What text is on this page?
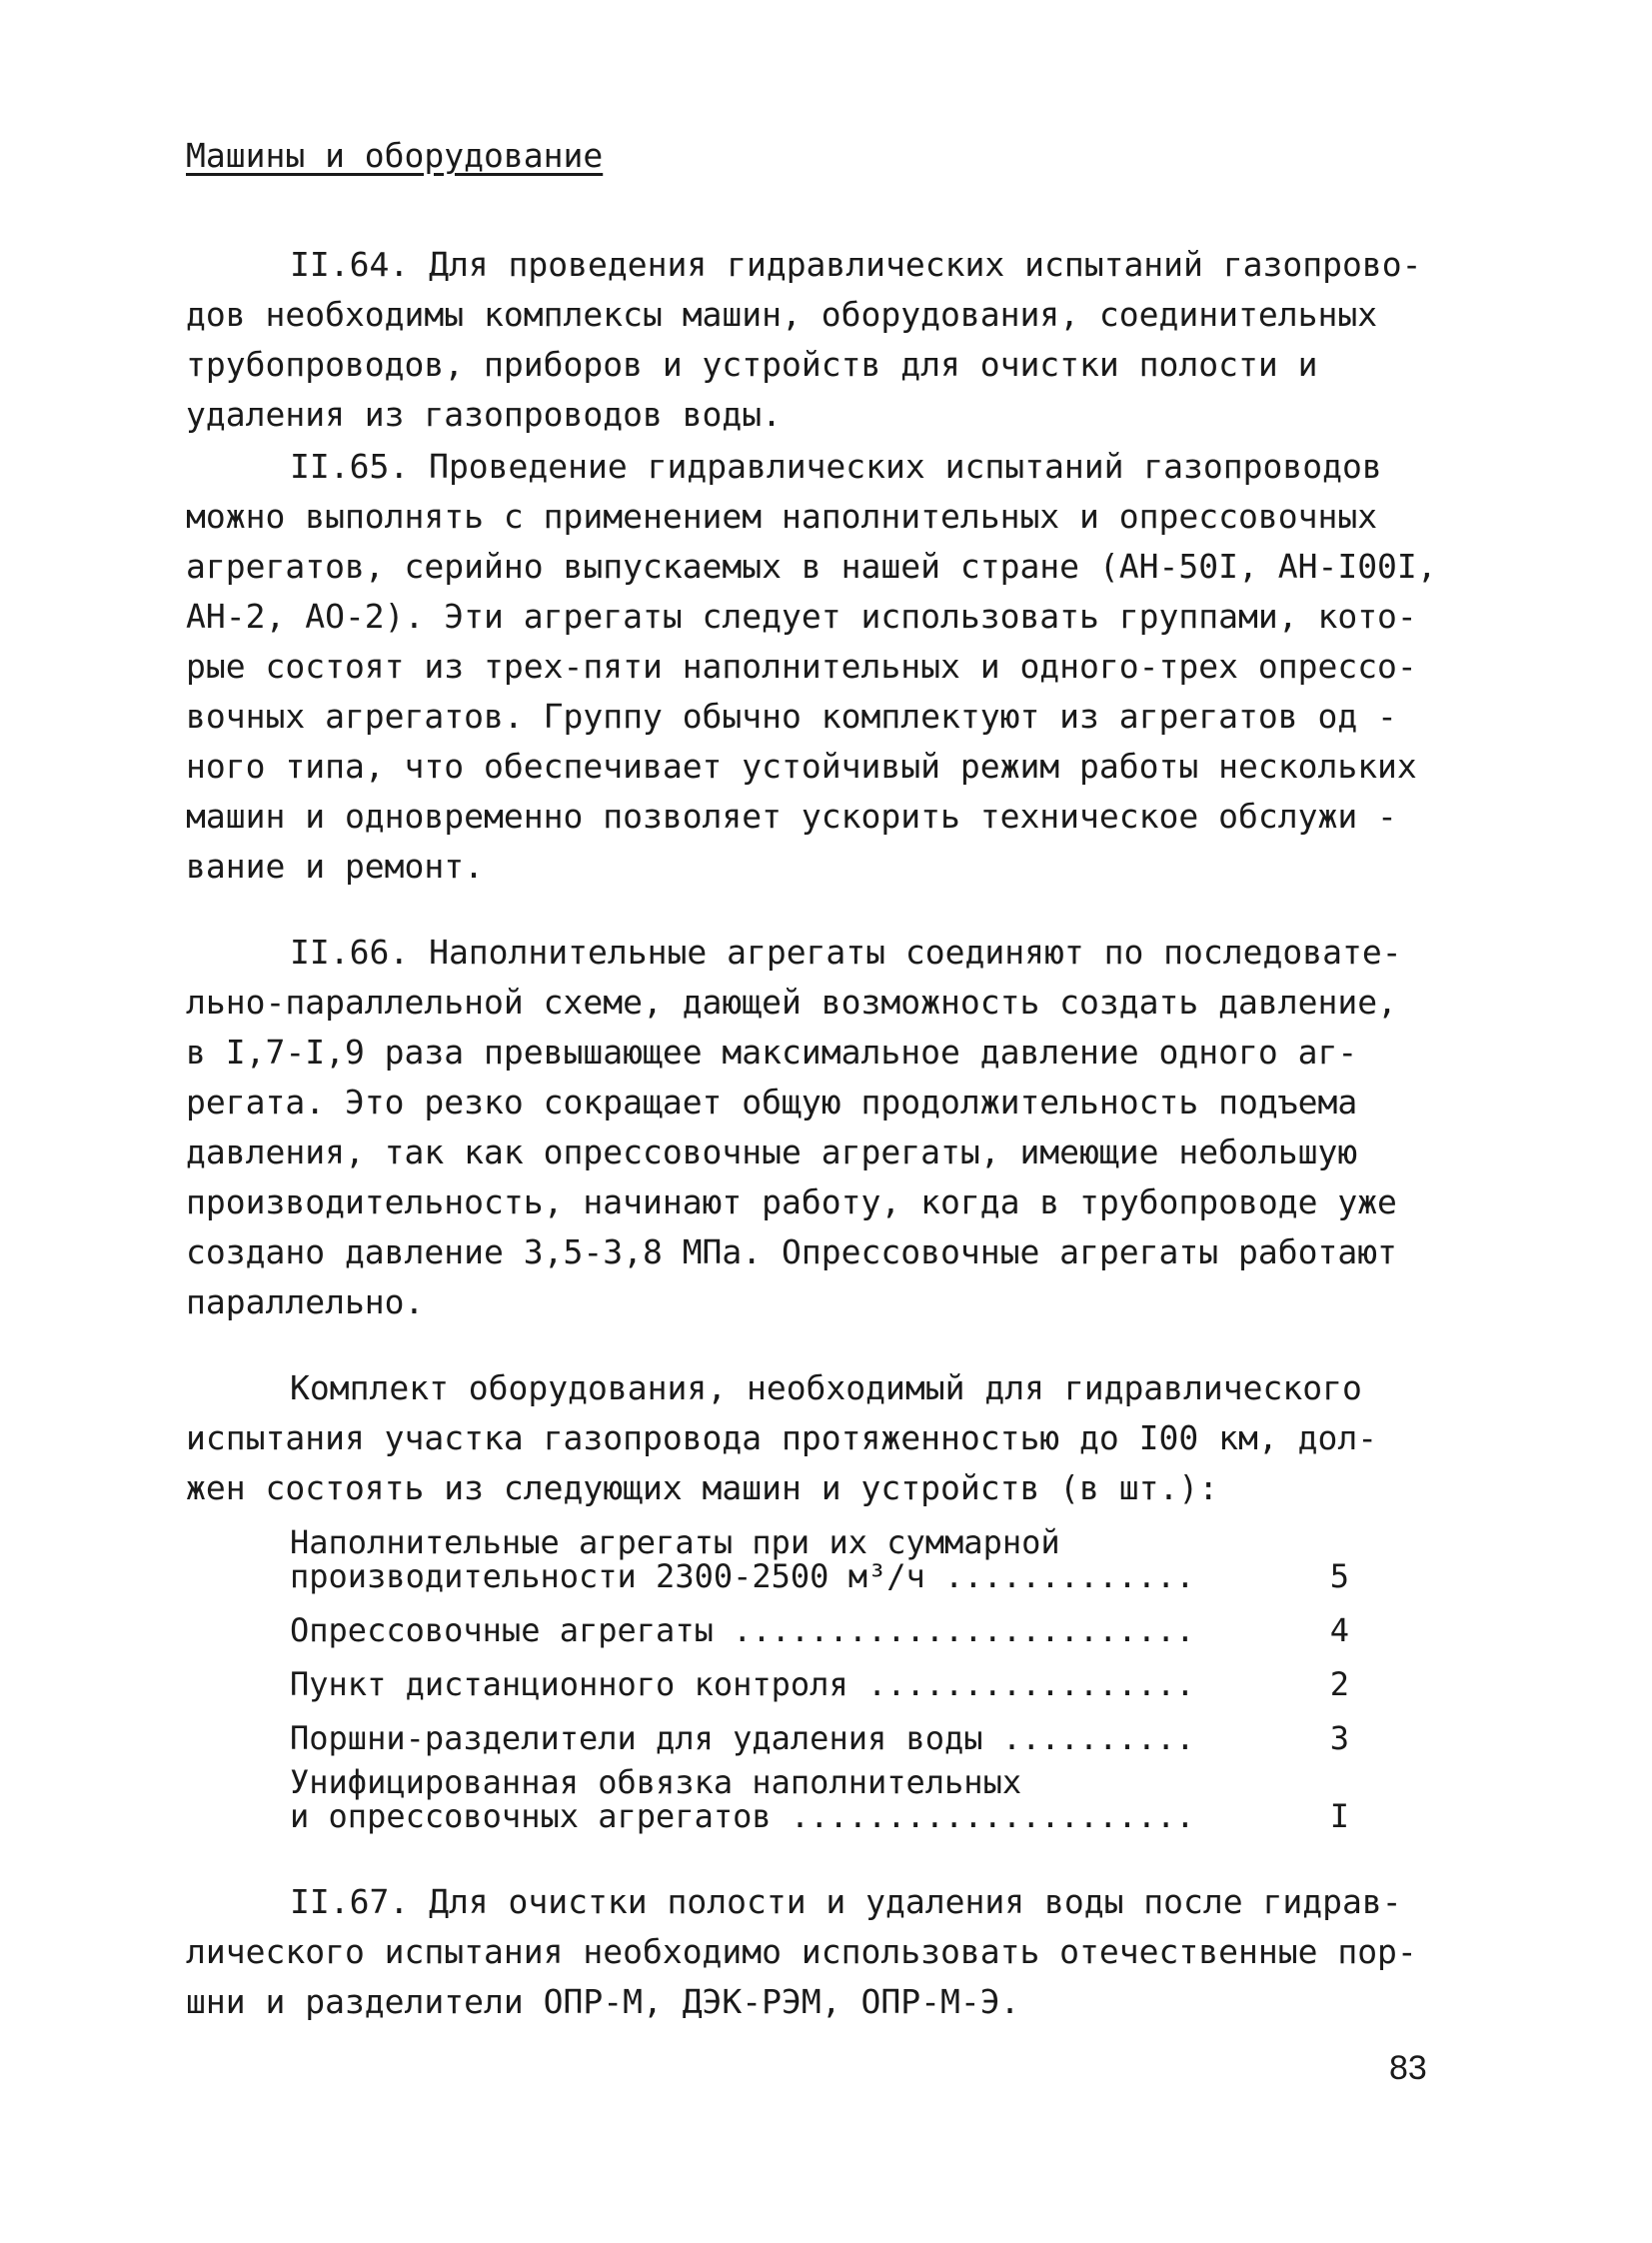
Машины и оборудование

II.64. Для проведения гидравлических испытаний газопрово-
дов необходимы комплексы машин, оборудования, соединительных
трубопроводов, приборов и устройств для очистки полости и
удаления из газопроводов воды.

II.65. Проведение гидравлических испытаний газопроводов
можно выполнять с применением наполнительных и опрессовочных
агрегатов, серийно выпускаемых в нашей стране (АН-50I, АН-I00I,
АН-2, АО-2). Эти агрегаты следует использовать группами, кото-
рые состоят из трех-пяти наполнительных и одного-трех опрессо-
вочных агрегатов. Группу обычно комплектуют из агрегатов од -
ного типа, что обеспечивает устойчивый режим работы нескольких
машин и одновременно позволяет ускорить техническое обслужи -
вание и ремонт.

II.66. Наполнительные агрегаты соединяют по последовате-
льно-параллельной схеме, дающей возможность создать давление,
в I,7-I,9 раза превышающее максимальное давление одного аг-
регата. Это резко сокращает общую продолжительность подъема
давления, так как опрессовочные агрегаты, имеющие небольшую
производительность, начинают работу, когда в трубопроводе уже
создано давление 3,5-3,8 МПа. Опрессовочные агрегаты работают
параллельно.

Комплект оборудования, необходимый для гидравлического
испытания участка газопровода протяженностью до I00 км, дол-
жен состоять из следующих машин и устройств (в шт.):

Наполнительные агрегаты при их суммарной
производительности 2300-2500 м³/ч .............	5
Опрессовочные агрегаты ........................	4
Пункт дистанционного контроля .................	2
Поршни-разделители для удаления воды ..........	3
Унифицированная обвязка наполнительных
и опрессовочных агрегатов .....................	I

II.67. Для очистки полости и удаления воды после гидрав-
лического испытания необходимо использовать отечественные пор-
шни и разделители ОПР-М, ДЭК-РЭМ, ОПР-М-Э.

83
